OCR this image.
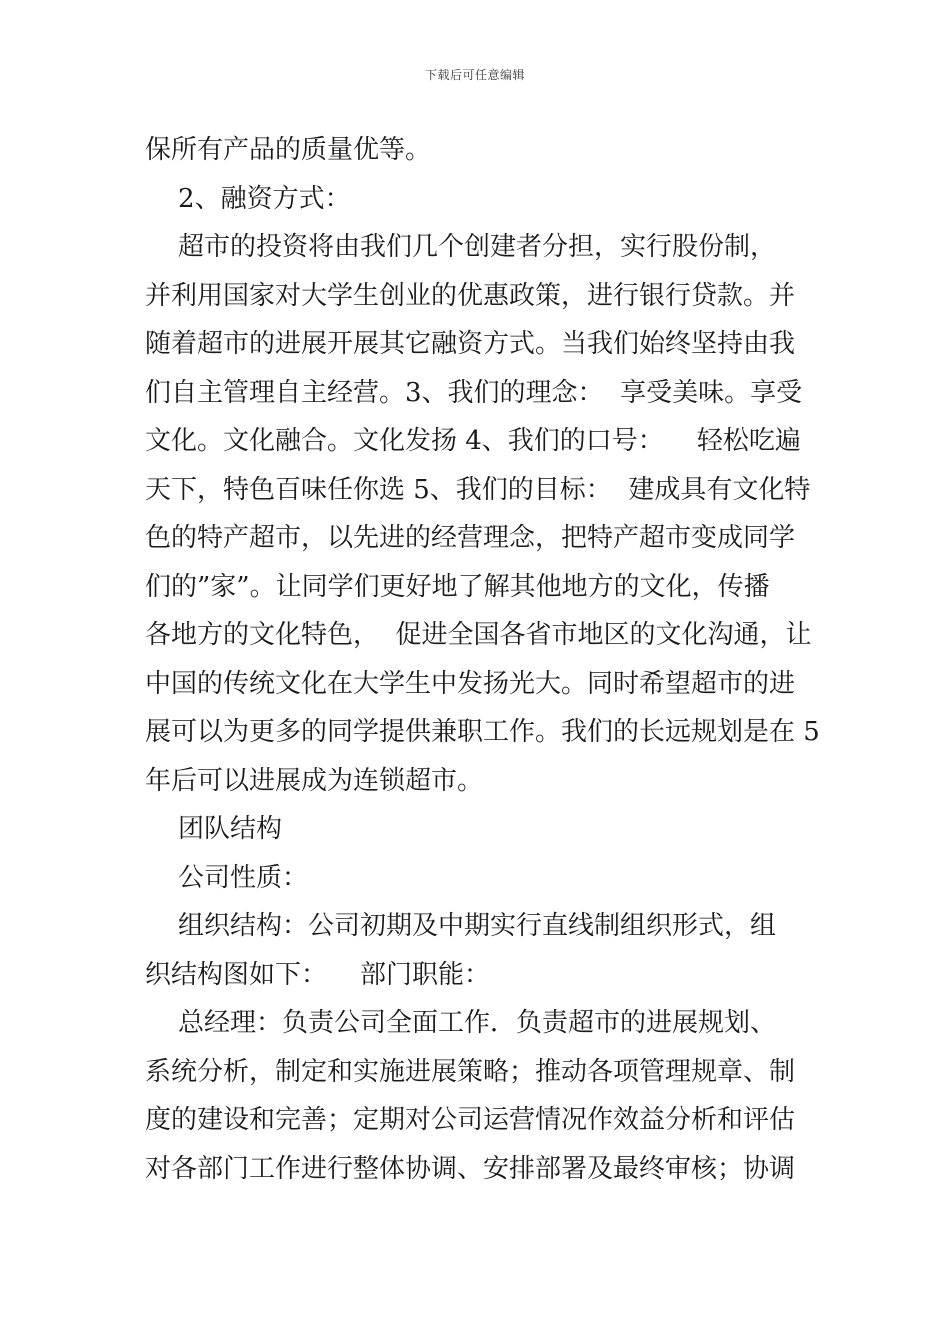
下载后可任意编辑
保所有产品的质量优等。
2、融资方式：
超市的投资将由我们几个创建者分担，实行股份制，
并利用国家对大学生创业的优惠政策，进行银行贷款。并
随着超市的进展开展其它融资方式。当我们始终坚持由我
们自主管理自主经营。3、我们的理念：  享受美味。享受
文化。文化融合。文化发扬 4、我们的口号：    轻松吃遍
天下，特色百味任你选 5、我们的目标：  建成具有文化特
色的特产超市，以先进的经营理念，把特产超市变成同学
们的”家”。让同学们更好地了解其他地方的文化，传播
各地方的文化特色，  促进全国各省市地区的文化沟通，让
中国的传统文化在大学生中发扬光大。同时希望超市的进
展可以为更多的同学提供兼职工作。我们的长远规划是在 5
年后可以进展成为连锁超市。
团队结构
公司性质：
组织结构：公司初期及中期实行直线制组织形式，组
织结构图如下：    部门职能：
总经理：负责公司全面工作．负责超市的进展规划、
系统分析，制定和实施进展策略；推动各项管理规章、制
度的建设和完善；定期对公司运营情况作效益分析和评估
对各部门工作进行整体协调、安排部署及最终审核；协调
